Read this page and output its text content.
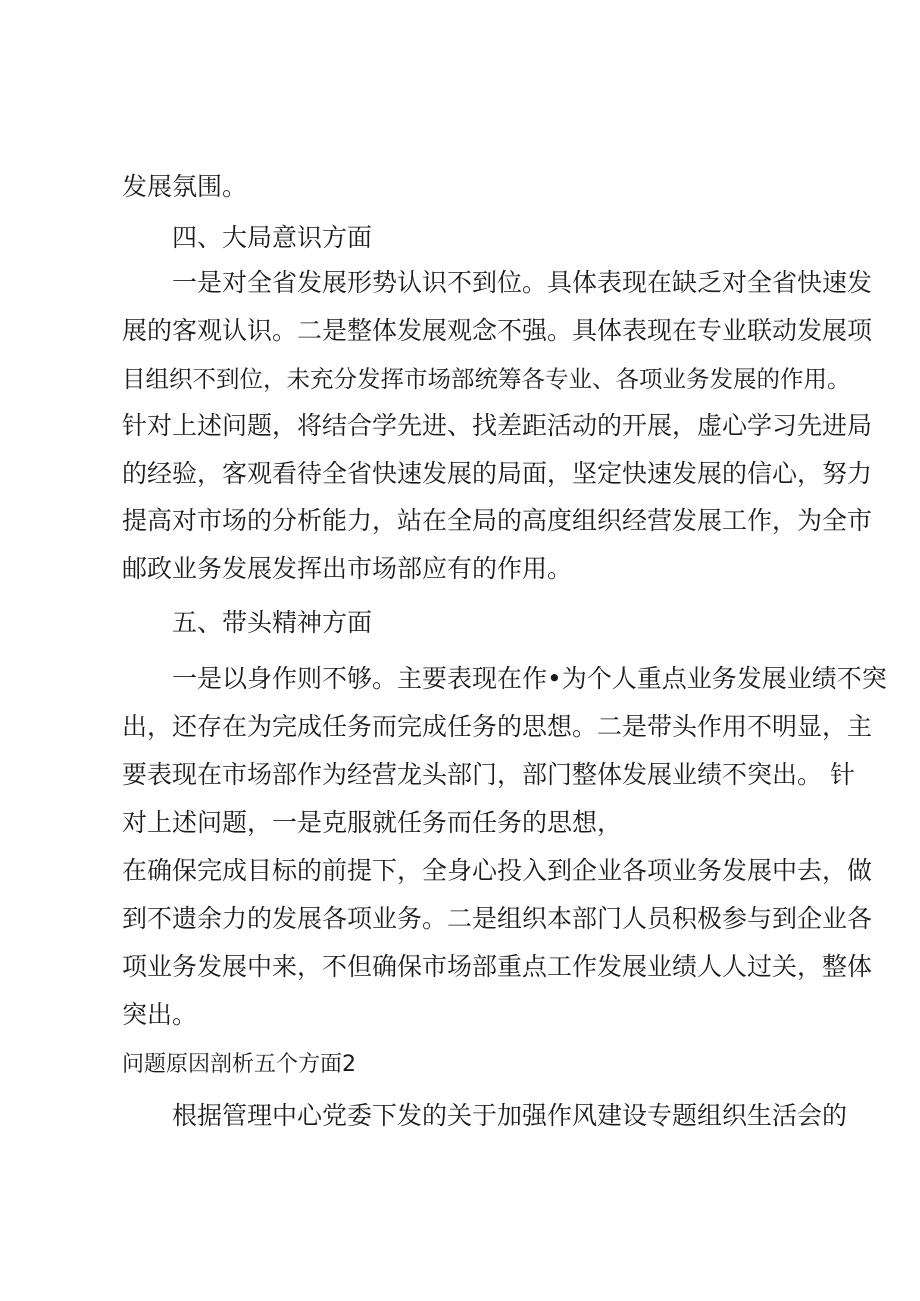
发展氛围。
四、大局意识方面
一是对全省发展形势认识不到位。具体表现在缺乏对全省快速发
展的客观认识。二是整体发展观念不强。具体表现在专业联动发展项
目组织不到位，未充分发挥市场部统筹各专业、各项业务发展的作用。
针对上述问题，将结合学先进、找差距活动的开展，虚心学习先进局
的经验，客观看待全省快速发展的局面，坚定快速发展的信心，努力
提高对市场的分析能力，站在全局的高度组织经营发展工作，为全市
邮政业务发展发挥出市场部应有的作用。
五、带头精神方面
一是以身作则不够。主要表现在作•为个人重点业务发展业绩不突
出，还存在为完成任务而完成任务的思想。二是带头作用不明显，主
要表现在市场部作为经营龙头部门，部门整体发展业绩不突出。 针
对上述问题，一是克服就任务而任务的思想，
在确保完成目标的前提下，全身心投入到企业各项业务发展中去，做
到不遗余力的发展各项业务。二是组织本部门人员积极参与到企业各
项业务发展中来，不但确保市场部重点工作发展业绩人人过关，整体
突出。
问题原因剖析五个方面2
根据管理中心党委下发的关于加强作风建设专题组织生活会的
